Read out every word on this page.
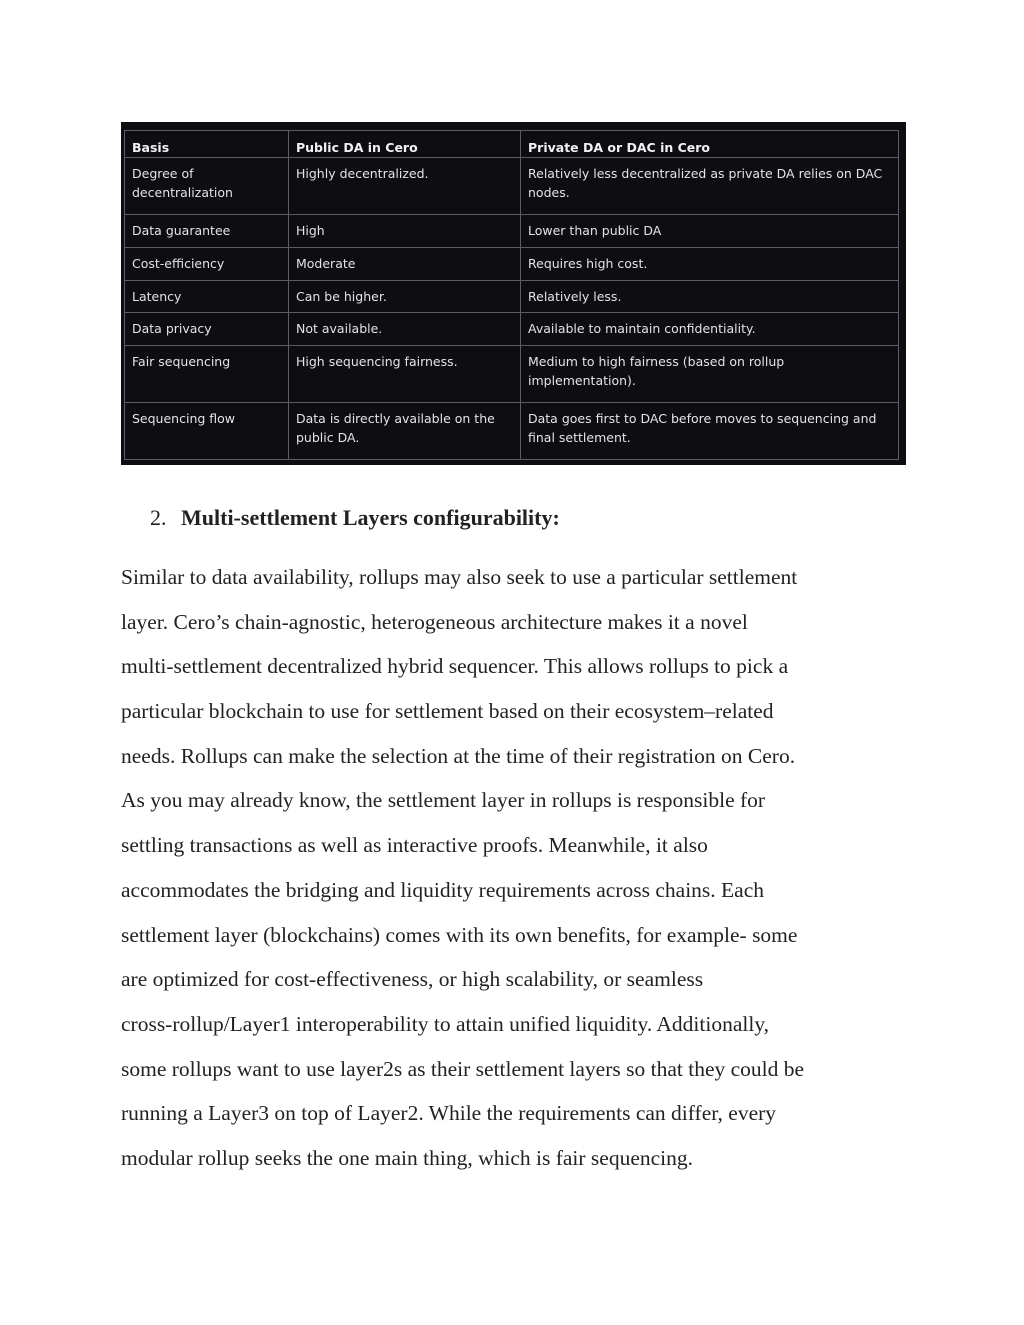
Basis	Public DA in Cero	Private DA or DAC in Cero
Degree of decentralization	Highly decentralized.	Relatively less decentralized as private DA relies on DAC nodes.
Data guarantee	High	Lower than public DA
Cost-efficiency	Moderate	Requires high cost.
Latency	Can be higher.	Relatively less.
Data privacy	Not available.	Available to maintain confidentiality.
Fair sequencing	High sequencing fairness.	Medium to high fairness (based on rollup implementation).
Sequencing flow	Data is directly available on the public DA.	Data goes first to DAC before moves to sequencing and final settlement.
2. Multi-settlement Layers configurability:
Similar to data availability, rollups may also seek to use a particular settlement
layer. Cero’s chain-agnostic, heterogeneous architecture makes it a novel
multi-settlement decentralized hybrid sequencer. This allows rollups to pick a
particular blockchain to use for settlement based on their ecosystem–related
needs. Rollups can make the selection at the time of their registration on Cero.
As you may already know, the settlement layer in rollups is responsible for
settling transactions as well as interactive proofs. Meanwhile, it also
accommodates the bridging and liquidity requirements across chains. Each
settlement layer (blockchains) comes with its own benefits, for example- some
are optimized for cost-effectiveness, or high scalability, or seamless
cross-rollup/Layer1 interoperability to attain unified liquidity. Additionally,
some rollups want to use layer2s as their settlement layers so that they could be
running a Layer3 on top of Layer2. While the requirements can differ, every
modular rollup seeks the one main thing, which is fair sequencing.
